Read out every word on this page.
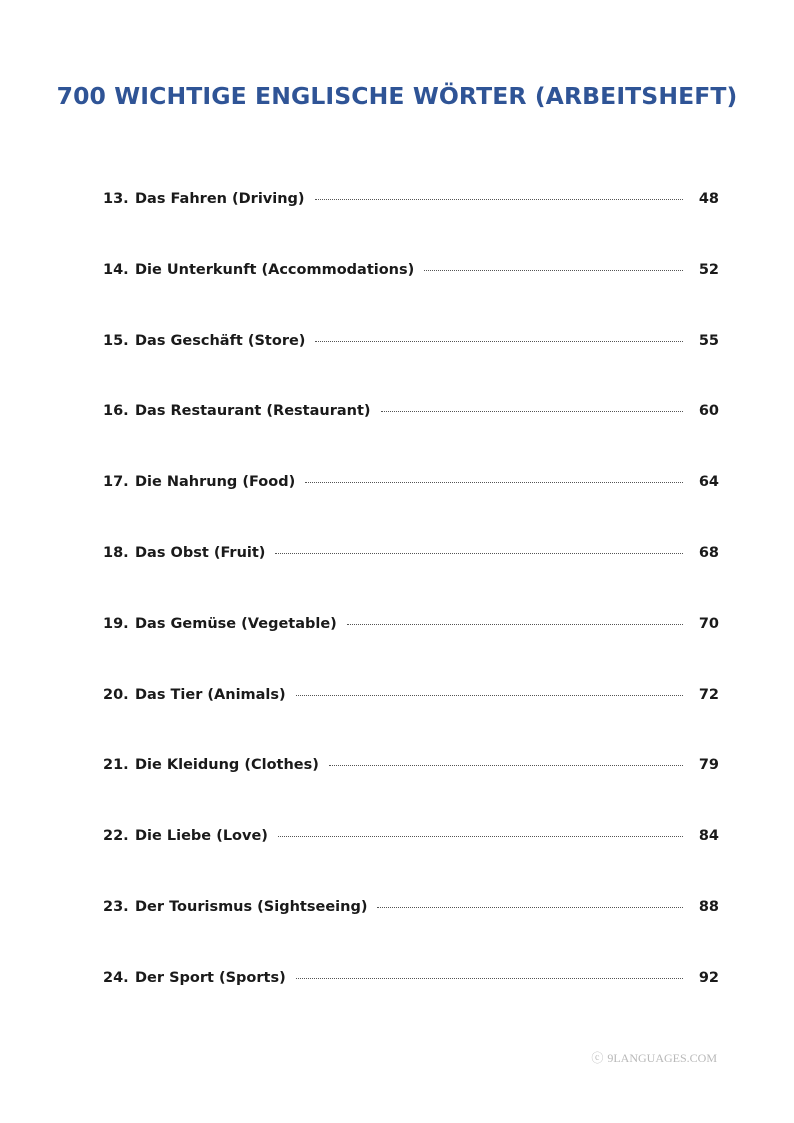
700 WICHTIGE ENGLISCHE WÖRTER (ARBEITSHEFT)
13. Das Fahren (Driving)	48
14. Die Unterkunft (Accommodations)	52
15. Das Geschäft (Store)	55
16. Das Restaurant (Restaurant)	60
17. Die Nahrung (Food)	64
18. Das Obst (Fruit)	68
19. Das Gemüse (Vegetable)	70
20. Das Tier (Animals)	72
21. Die Kleidung (Clothes)	79
22. Die Liebe (Love)	84
23. Der Tourismus (Sightseeing)	88
24. Der Sport (Sports)	92
ⓒ 9LANGUAGES.COM
